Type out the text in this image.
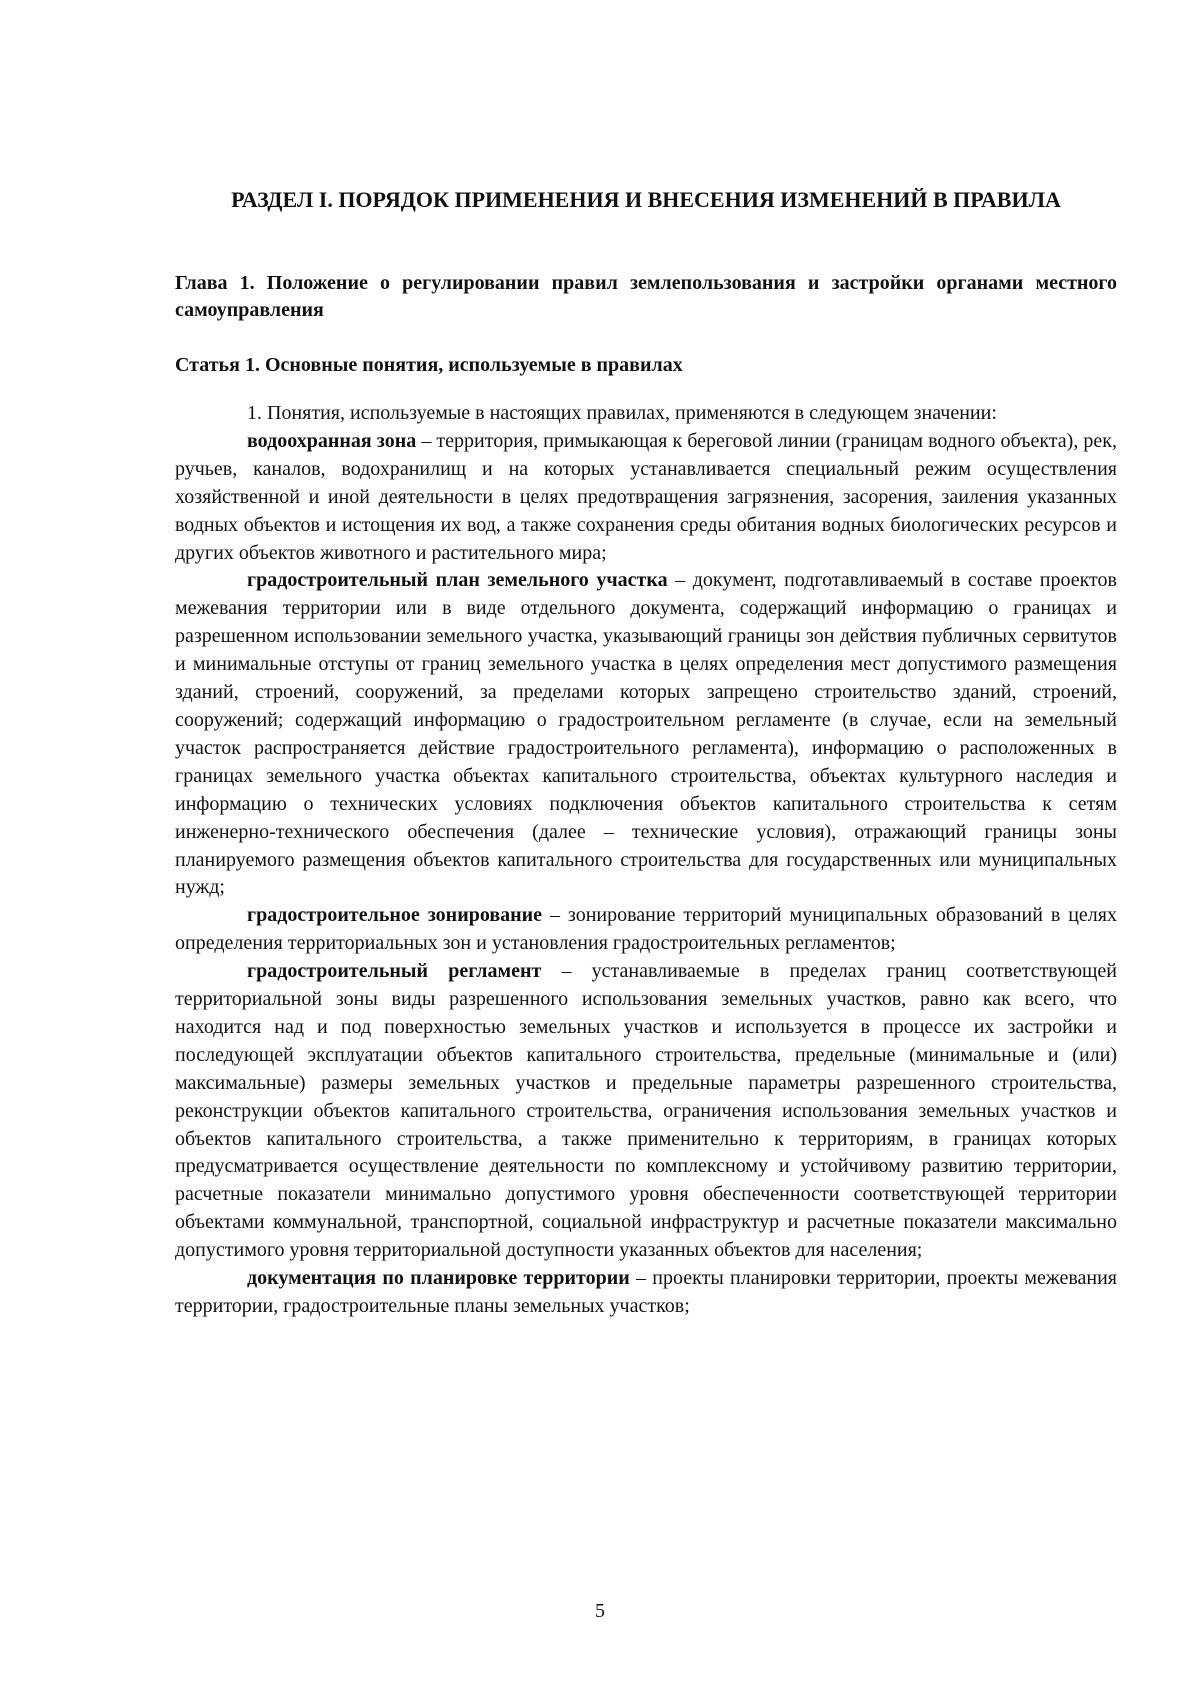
РАЗДЕЛ I. ПОРЯДОК ПРИМЕНЕНИЯ И ВНЕСЕНИЯ ИЗМЕНЕНИЙ В ПРАВИЛА
Глава 1. Положение о регулировании правил землепользования и застройки органами местного самоуправления
Статья 1. Основные понятия, используемые в правилах

1. Понятия, используемые в настоящих правилах, применяются в следующем значении:

водоохранная зона – территория, примыкающая к береговой линии (границам водного объекта), рек, ручьев, каналов, водохранилищ и на которых устанавливается специальный режим осуществления хозяйственной и иной деятельности в целях предотвращения загрязнения, засорения, заиления указанных водных объектов и истощения их вод, а также сохранения среды обитания водных биологических ресурсов и других объектов животного и растительного мира;

градостроительный план земельного участка – документ, подготавливаемый в составе проектов межевания территории или в виде отдельного документа, содержащий информацию о границах и разрешенном использовании земельного участка, указывающий границы зон действия публичных сервитутов и минимальные отступы от границ земельного участка в целях определения мест допустимого размещения зданий, строений, сооружений, за пределами которых запрещено строительство зданий, строений, сооружений; содержащий информацию о градостроительном регламенте (в случае, если на земельный участок распространяется действие градостроительного регламента), информацию о расположенных в границах земельного участка объектах капитального строительства, объектах культурного наследия и информацию о технических условиях подключения объектов капитального строительства к сетям инженерно-технического обеспечения (далее – технические условия), отражающий границы зоны планируемого размещения объектов капитального строительства для государственных или муниципальных нужд;

градостроительное зонирование – зонирование территорий муниципальных образований в целях определения территориальных зон и установления градостроительных регламентов;

градостроительный регламент – устанавливаемые в пределах границ соответствующей территориальной зоны виды разрешенного использования земельных участков, равно как всего, что находится над и под поверхностью земельных участков и используется в процессе их застройки и последующей эксплуатации объектов капитального строительства, предельные (минимальные и (или) максимальные) размеры земельных участков и предельные параметры разрешенного строительства, реконструкции объектов капитального строительства, ограничения использования земельных участков и объектов капитального строительства, а также применительно к территориям, в границах которых предусматривается осуществление деятельности по комплексному и устойчивому развитию территории, расчетные показатели минимально допустимого уровня обеспеченности соответствующей территории объектами коммунальной, транспортной, социальной инфраструктур и расчетные показатели максимально допустимого уровня территориальной доступности указанных объектов для населения;

документация по планировке территории – проекты планировки территории, проекты межевания территории, градостроительные планы земельных участков;

5
